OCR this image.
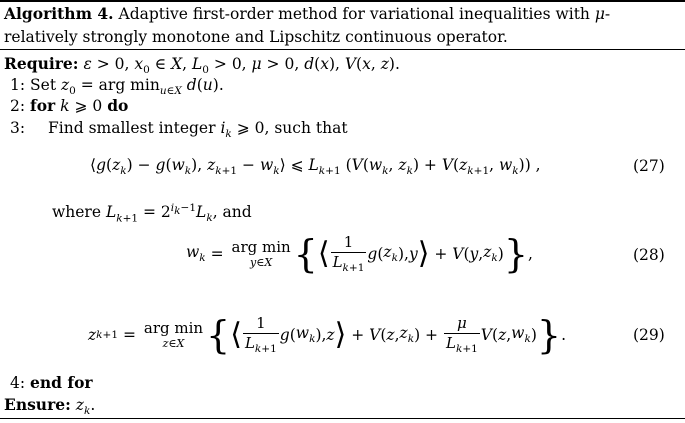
Algorithm 4. Adaptive first-order method for variational inequalities with μ-
relatively strongly monotone and Lipschitz continuous operator.
Require: ε > 0, $x_0$ ∈ X, $L_0 > 0$, μ > 0, d(x), V(x, z).
1: Set $z_0$ = arg $\min_{u\in X} d(u)$.
2: for k ⩾ 0 do
3: Find smallest integer $i_k$ ⩾ 0, such that
$⟨g(z_k) - g(w_k)$, $z_{k+1}$ − $w_k⟩$ ⩽ $L_{k+1}$ ($V(w_k$, $z_k) + V(z_{k+1}$, $w_k$)) ,	(27)
where $L_{k+1} = 2^{i_k-1}L_k$, and
$w_k$ = arg min
y∈X { ⟨ $\frac{1}{L_{k+1}}$ g ( $z_k$ ), y ⟩ + V ( y , $z_k$ ) } ,	(28)
z k+1 = arg min
z∈X { ⟨ $\frac{1}{L_{k+1}}$ g ( $w_k$ ), z ⟩ + V ( z , $z_k$ ) + $\frac{\mu}{L_{k+1}}$ V ( z , $w_k$ ) } .	(29)
4: end for
Ensure: $z_k$.
